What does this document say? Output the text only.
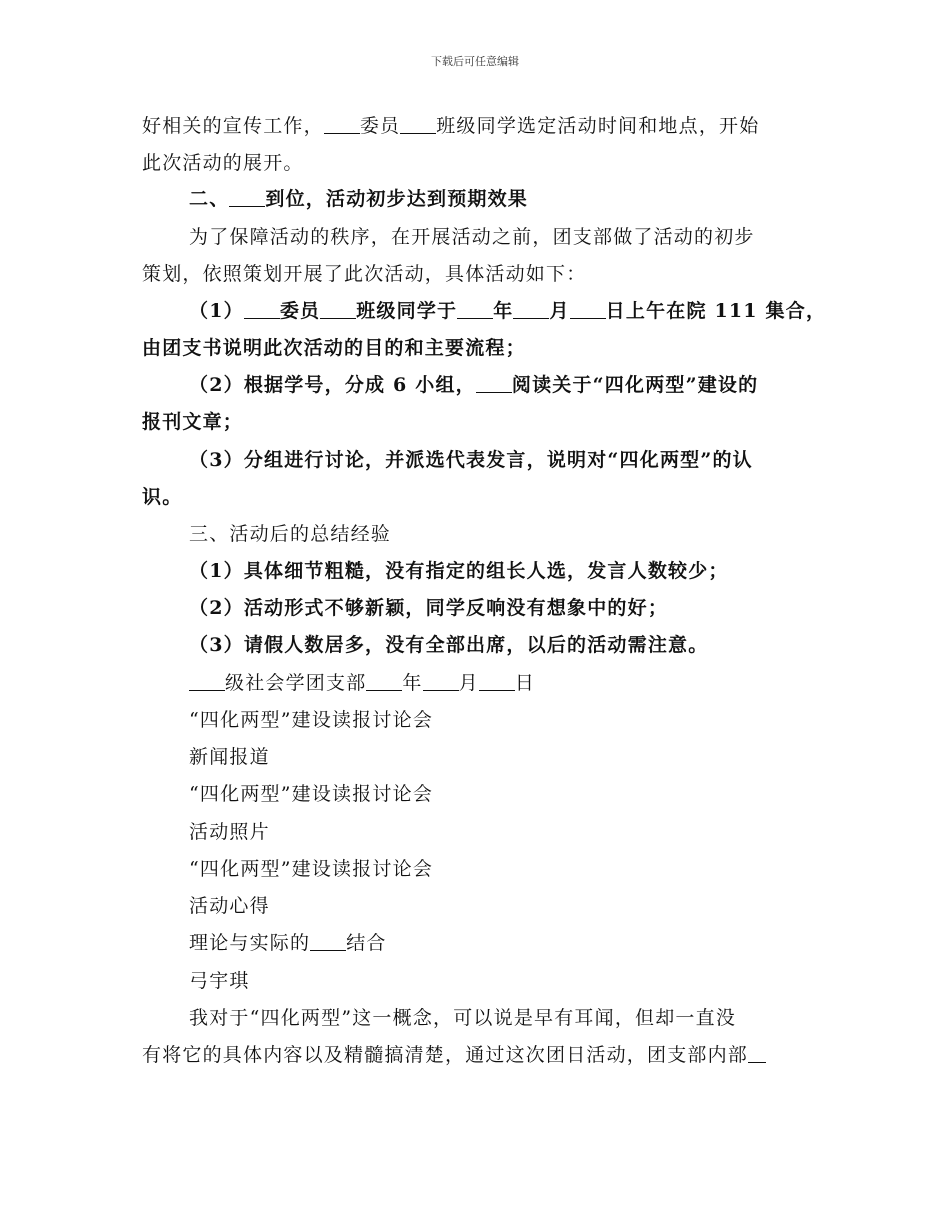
下载后可任意编辑
好相关的宣传工作， 委员 班级同学选定活动时间和地点，开始
此次活动的展开。
二、 到位，活动初步达到预期效果
为了保障活动的秩序，在开展活动之前，团支部做了活动的初步
策划，依照策划开展了此次活动，具体活动如下：
（1） 委员 班级同学于 年 月 日上午在院 111 集合，
由团支书说明此次活动的目的和主要流程；
（2）根据学号，分成 6 小组， 阅读关于“四化两型”建设的
报刊文章；
（3）分组进行讨论，并派选代表发言，说明对“四化两型”的认
识。
三、活动后的总结经验
（1）具体细节粗糙，没有指定的组长人选，发言人数较少；
（2）活动形式不够新颖，同学反响没有想象中的好；
（3）请假人数居多，没有全部出席，以后的活动需注意。
级社会学团支部 年 月 日
“四化两型”建设读报讨论会
新闻报道
“四化两型”建设读报讨论会
活动照片
“四化两型”建设读报讨论会
活动心得
理论与实际的 结合
弓宇琪
我对于“四化两型”这一概念，可以说是早有耳闻，但却一直没
有将它的具体内容以及精髓搞清楚，通过这次团日活动，团支部内部
